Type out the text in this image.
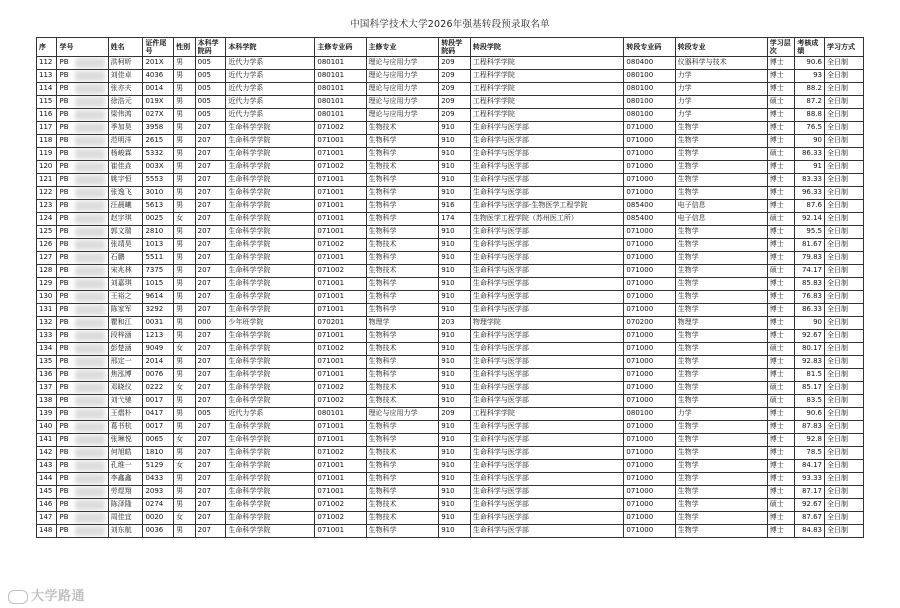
中国科学技术大学2026年强基转段预录取名单
序	学号	姓名	证件尾号	性别	本科学院码	本科学院	主修专业码	主修专业	转段学院码	转段学院	转段专业码	转段专业	学习层次	考核成绩	学习方式
112	PB	洪柯昕	201X	男	005	近代力学系	080101	理论与应用力学	209	工程科学学院	080400	仪器科学与技术	博士	90.6	全日制
113	PB	刘佳卓	4036	男	005	近代力学系	080101	理论与应用力学	209	工程科学学院	080100	力学	博士	93	全日制
114	PB	张亦夫	0014	男	005	近代力学系	080101	理论与应用力学	209	工程科学学院	080100	力学	博士	88.2	全日制
115	PB	徐浩元	019X	男	005	近代力学系	080101	理论与应用力学	209	工程科学学院	080100	力学	硕士	87.2	全日制
116	PB	梁伟鸿	027X	男	005	近代力学系	080101	理论与应用力学	209	工程科学学院	080100	力学	博士	88.8	全日制
117	PB	季加昊	3958	男	207	生命科学学院	071002	生物技术	910	生命科学与医学部	071000	生物学	博士	76.5	全日制
118	PB	范明洋	2615	男	207	生命科学学院	071001	生物科学	910	生命科学与医学部	071000	生物学	博士	90	全日制
119	PB	杨峻霖	5332	男	207	生命科学学院	071001	生物科学	910	生命科学与医学部	071000	生物学	硕士	86.33	全日制
120	PB	崔佳垚	003X	男	207	生命科学学院	071002	生物技术	910	生命科学与医学部	071000	生物学	博士	91	全日制
121	PB	姚宇恒	5553	男	207	生命科学学院	071001	生物科学	910	生命科学与医学部	071000	生物学	博士	83.33	全日制
122	PB	张逸飞	3010	男	207	生命科学学院	071001	生物科学	910	生命科学与医学部	071000	生物学	博士	96.33	全日制
123	PB	汪晨曦	5613	男	207	生命科学学院	071001	生物科学	916	生命科学与医学部-生物医学工程学院	085400	电子信息	博士	87.6	全日制
124	PB	赵宇琪	0025	女	207	生命科学学院	071001	生物科学	174	生物医学工程学院（苏州医工所）	085400	电子信息	硕士	92.14	全日制
125	PB	郭文瑞	2810	男	207	生命科学学院	071001	生物科学	910	生命科学与医学部	071000	生物学	博士	95.5	全日制
126	PB	张靖昊	1013	男	207	生命科学学院	071002	生物技术	910	生命科学与医学部	071000	生物学	博士	81.67	全日制
127	PB	石鹏	5511	男	207	生命科学学院	071001	生物科学	910	生命科学与医学部	071000	生物学	博士	79.83	全日制
128	PB	宋兆林	7375	男	207	生命科学学院	071002	生物技术	910	生命科学与医学部	071000	生物学	硕士	74.17	全日制
129	PB	刘嘉琪	1015	男	207	生命科学学院	071001	生物科学	910	生命科学与医学部	071000	生物学	博士	85.83	全日制
130	PB	王裕之	9614	男	207	生命科学学院	071001	生物科学	910	生命科学与医学部	071000	生物学	博士	76.83	全日制
131	PB	陈家军	3292	男	207	生命科学学院	071001	生物科学	910	生命科学与医学部	071000	生物学	博士	86.33	全日制
132	PB	瞿和江	0031	男	000	少年班学院	070201	物理学	203	物理学院	070200	物理学	博士	90	全日制
133	PB	段梓涵	1213	男	207	生命科学学院	071001	生物科学	910	生命科学与医学部	071000	生物学	博士	92.67	全日制
134	PB	彭楚涵	9049	女	207	生命科学学院	071002	生物技术	910	生命科学与医学部	071000	生物学	硕士	80.17	全日制
135	PB	邢定一	2014	男	207	生命科学学院	071001	生物科学	910	生命科学与医学部	071000	生物学	博士	92.83	全日制
136	PB	焦泓博	0076	男	207	生命科学学院	071001	生物科学	910	生命科学与医学部	071000	生物学	博士	81.5	全日制
137	PB	邓晓仪	0222	女	207	生命科学学院	071002	生物技术	910	生命科学与医学部	071000	生物学	硕士	85.17	全日制
138	PB	刘弋驰	0017	男	207	生命科学学院	071002	生物技术	910	生命科学与医学部	071000	生物学	硕士	83.5	全日制
139	PB	王熠朴	0417	男	005	近代力学系	080101	理论与应用力学	209	工程科学学院	080100	力学	博士	90.6	全日制
140	PB	葛书杭	0017	男	207	生命科学学院	071001	生物科学	910	生命科学与医学部	071000	生物学	博士	87.83	全日制
141	PB	张琳悦	0065	女	207	生命科学学院	071001	生物科学	910	生命科学与医学部	071000	生物学	博士	92.8	全日制
142	PB	何旭皓	1810	男	207	生命科学学院	071002	生物技术	910	生命科学与医学部	071000	生物学	博士	78.5	全日制
143	PB	孔维一	5129	女	207	生命科学学院	071001	生物科学	910	生命科学与医学部	071000	生物学	博士	84.17	全日制
144	PB	李鑫鑫	0433	男	207	生命科学学院	071001	生物科学	910	生命科学与医学部	071000	生物学	博士	93.33	全日制
145	PB	劳煜翔	2093	男	207	生命科学学院	071001	生物科学	910	生命科学与医学部	071000	生物学	博士	87.17	全日制
146	PB	陈泽隆	0274	男	207	生命科学学院	071002	生物技术	910	生命科学与医学部	071000	生物学	硕士	92.67	全日制
147	PB	周佳宜	0020	女	207	生命科学学院	071002	生物技术	910	生命科学与医学部	071000	生物学	博士	87.67	全日制
148	PB	刘东航	0036	男	207	生命科学学院	071001	生物科学	910	生命科学与医学部	071000	生物学	博士	84.83	全日制
大学路通
